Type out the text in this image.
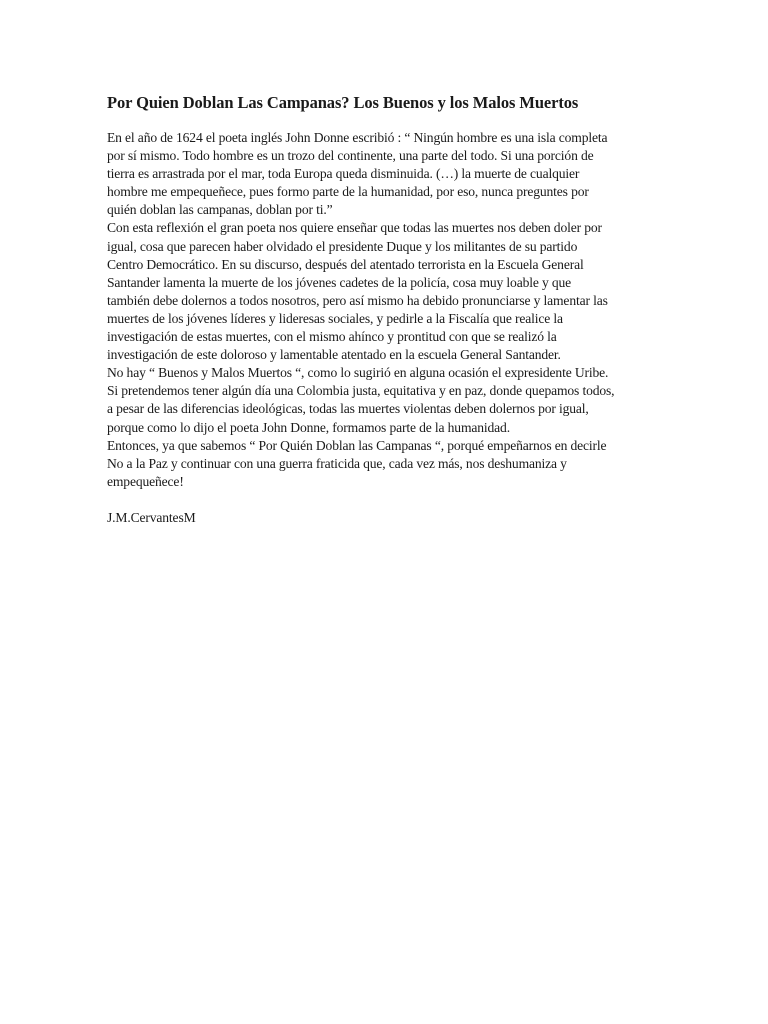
Por Quien Doblan Las Campanas? Los Buenos y los Malos Muertos
En el año de 1624 el poeta inglés John Donne escribió : “ Ningún hombre es una isla completa
por sí mismo. Todo hombre es un trozo del continente, una parte del todo. Si una porción de
tierra es arrastrada por el mar, toda Europa queda disminuida. (…) la muerte de cualquier
hombre me empequeñece, pues formo parte de la humanidad, por eso, nunca preguntes por
quién doblan las campanas, doblan por ti.”
Con esta reflexión el gran poeta nos quiere enseñar que todas las muertes nos deben doler por
igual, cosa que parecen haber olvidado el presidente Duque y los militantes de su partido
Centro Democrático. En su discurso, después del atentado terrorista en la Escuela General
Santander lamenta la muerte de los jóvenes cadetes de la policía, cosa muy loable y que
también debe dolernos a todos nosotros, pero así mismo ha debido pronunciarse y lamentar las
muertes de los jóvenes líderes y lideresas sociales, y pedirle a la Fiscalía que realice la
investigación de estas muertes, con el mismo ahínco y prontitud con que se realizó la
investigación de este doloroso y lamentable atentado en la escuela General Santander.
No hay “ Buenos y Malos Muertos “, como lo sugirió en alguna ocasión el expresidente Uribe.
Si pretendemos tener algún día una Colombia justa, equitativa y en paz, donde quepamos todos,
a pesar de las diferencias ideológicas, todas las muertes violentas deben dolernos por igual,
porque como lo dijo el poeta John Donne, formamos parte de la humanidad.
Entonces, ya que sabemos “ Por Quién Doblan las Campanas “, porqué empeñarnos en decirle
No a la Paz y continuar con una guerra fraticida que, cada vez más, nos deshumaniza y
empequeñece!
J.M.CervantesM
